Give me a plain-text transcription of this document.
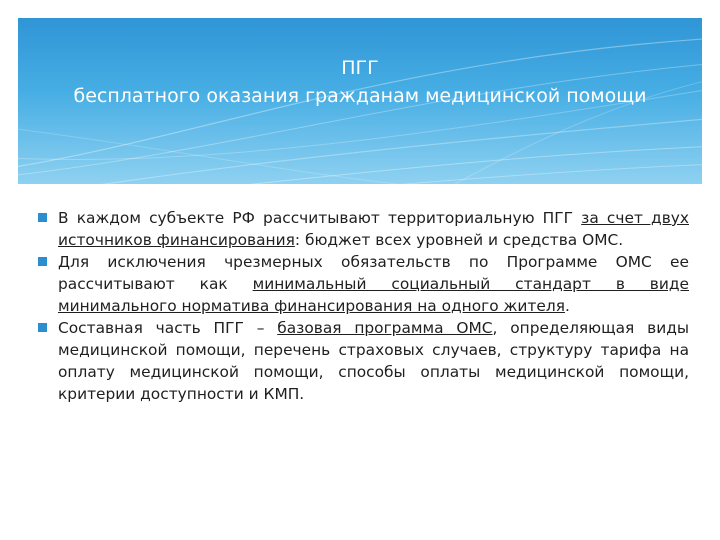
ПГГ
бесплатного оказания гражданам медицинской помощи
В каждом субъекте РФ рассчитывают территориальную ПГГ за счет двух источников финансирования: бюджет всех уровней и средства ОМС.
Для исключения чрезмерных обязательств по Программе ОМС ее рассчитывают как минимальный социальный стандарт в виде минимального норматива финансирования на одного жителя.
Составная часть ПГГ – базовая программа ОМС, определяющая виды медицинской помощи, перечень страховых случаев, структуру тарифа на оплату медицинской помощи, способы оплаты медицинской помощи, критерии доступности и КМП.
